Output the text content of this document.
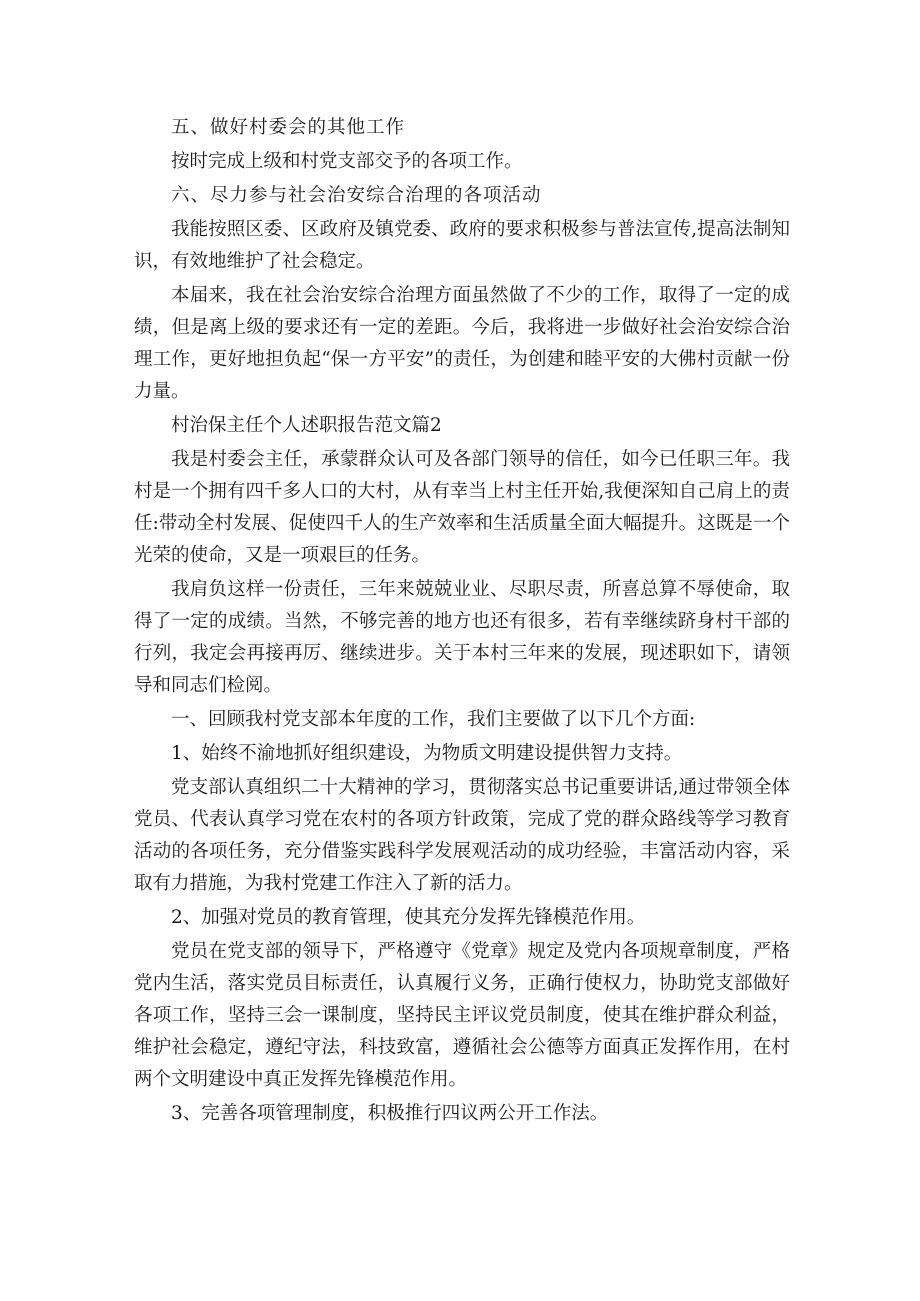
五、做好村委会的其他工作

按时完成上级和村党支部交予的各项工作。

六、尽力参与社会治安综合治理的各项活动

我能按照区委、区政府及镇党委、政府的要求积极参与普法宣传,提高法制知识，有效地维护了社会稳定。

本届来，我在社会治安综合治理方面虽然做了不少的工作，取得了一定的成绩，但是离上级的要求还有一定的差距。今后，我将进一步做好社会治安综合治理工作，更好地担负起“保一方平安”的责任，为创建和睦平安的大佛村贡献一份力量。

村治保主任个人述职报告范文篇2

我是村委会主任，承蒙群众认可及各部门领导的信任，如今已任职三年。我村是一个拥有四千多人口的大村，从有幸当上村主任开始,我便深知自己肩上的责任:带动全村发展、促使四千人的生产效率和生活质量全面大幅提升。这既是一个光荣的使命，又是一项艰巨的任务。

我肩负这样一份责任，三年来兢兢业业、尽职尽责，所喜总算不辱使命，取得了一定的成绩。当然，不够完善的地方也还有很多，若有幸继续跻身村干部的行列，我定会再接再厉、继续进步。关于本村三年来的发展，现述职如下，请领导和同志们检阅。

一、回顾我村党支部本年度的工作，我们主要做了以下几个方面:

1、始终不渝地抓好组织建设，为物质文明建设提供智力支持。

党支部认真组织二十大精神的学习，贯彻落实总书记重要讲话,通过带领全体党员、代表认真学习党在农村的各项方针政策，完成了党的群众路线等学习教育活动的各项任务，充分借鉴实践科学发展观活动的成功经验，丰富活动内容，采取有力措施，为我村党建工作注入了新的活力。

2、加强对党员的教育管理，使其充分发挥先锋模范作用。

党员在党支部的领导下，严格遵守《党章》规定及党内各项规章制度，严格党内生活，落实党员目标责任，认真履行义务，正确行使权力，协助党支部做好各项工作，坚持三会一课制度，坚持民主评议党员制度，使其在维护群众利益，维护社会稳定，遵纪守法，科技致富，遵循社会公德等方面真正发挥作用，在村两个文明建设中真正发挥先锋模范作用。

3、完善各项管理制度，积极推行四议两公开工作法。
